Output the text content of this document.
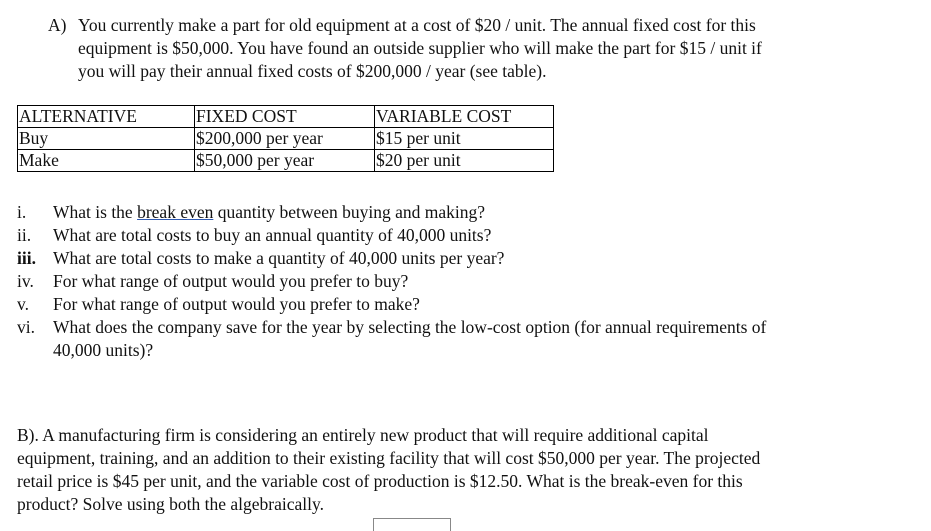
A) You currently make a part for old equipment at a cost of $20 / unit. The annual fixed cost for this
equipment is $50,000. You have found an outside supplier who will make the part for $15 / unit if
you will pay their annual fixed costs of $200,000 / year (see table).
ALTERNATIVE	FIXED COST	VARIABLE COST
Buy	$200,000 per year	$15 per unit
Make	$50,000 per year	$20 per unit
i. What is the break even quantity between buying and making?
ii. What are total costs to buy an annual quantity of 40,000 units?
iii. What are total costs to make a quantity of 40,000 units per year?
iv. For what range of output would you prefer to buy?
v. For what range of output would you prefer to make?
vi. What does the company save for the year by selecting the low-cost option (for annual requirements of
40,000 units)?
B). A manufacturing firm is considering an entirely new product that will require additional capital
equipment, training, and an addition to their existing facility that will cost $50,000 per year. The projected
retail price is $45 per unit, and the variable cost of production is $12.50. What is the break-even for this
product? Solve using both the algebraically.
